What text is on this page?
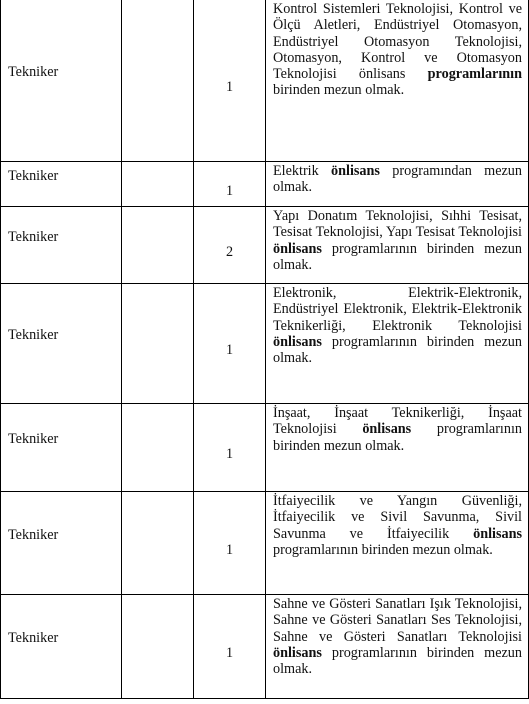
Tekniker		1	Kontrol Sistemleri Teknolojisi, Kontrol ve Ölçü Aletleri, Endüstriyel Otomasyon, Endüstriyel Otomasyon Teknolojisi, Otomasyon, Kontrol ve Otomasyon Teknolojisi önlisans programlarının birinden mezun olmak.

Tekniker		1	Elektrik önlisans programından mezun olmak.

Tekniker		2	Yapı Donatım Teknolojisi, Sıhhi Tesisat, Tesisat Teknolojisi, Yapı Tesisat Teknolojisi önlisans programlarının birinden mezun olmak.

Tekniker		1	Elektronik, Elektrik-Elektronik, Endüstriyel Elektronik, Elektrik-Elektronik Teknikerliği, Elektronik Teknolojisi önlisans programlarının birinden mezun olmak.

Tekniker		1	İnşaat, İnşaat Teknikerliği, İnşaat Teknolojisi önlisans programlarının birinden mezun olmak.

Tekniker		1	İtfaiyecilik ve Yangın Güvenliği, İtfaiyecilik ve Sivil Savunma, Sivil Savunma ve İtfaiyecilik önlisans programlarının birinden mezun olmak.

Tekniker		1	Sahne ve Gösteri Sanatları Işık Teknolojisi, Sahne ve Gösteri Sanatları Ses Teknolojisi, Sahne ve Gösteri Sanatları Teknolojisi önlisans programlarının birinden mezun olmak.
